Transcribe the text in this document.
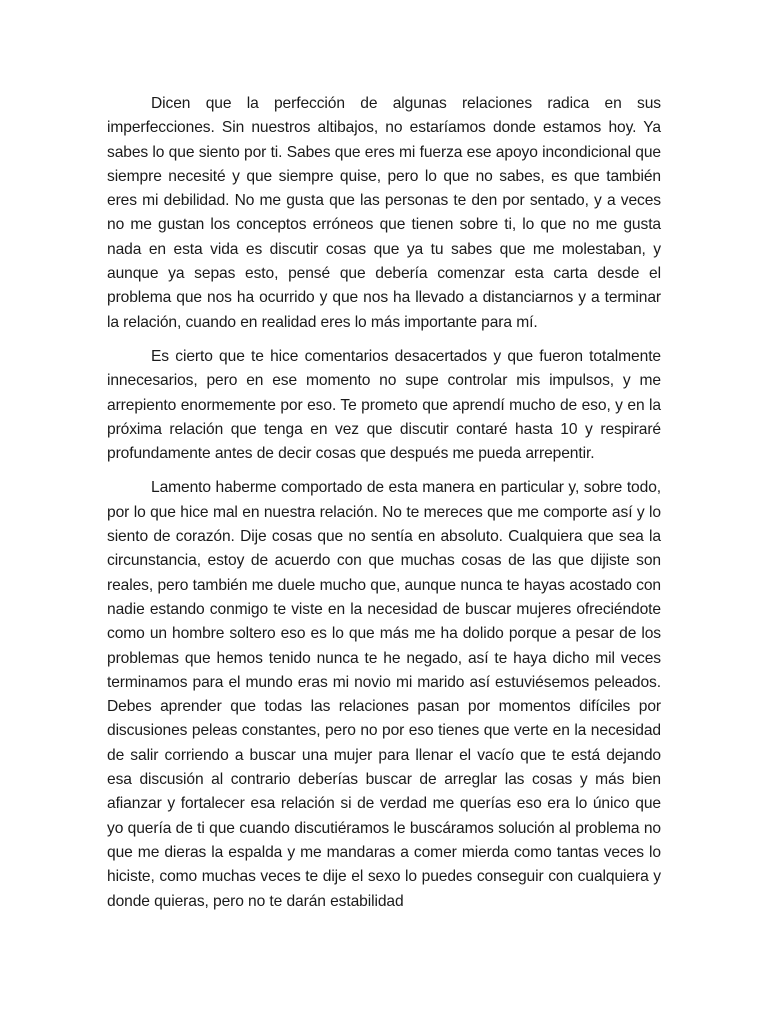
Dicen que la perfección de algunas relaciones radica en sus imperfecciones. Sin nuestros altibajos, no estaríamos donde estamos hoy. Ya sabes lo que siento por ti. Sabes que eres mi fuerza ese apoyo incondicional que siempre necesité y que siempre quise, pero lo que no sabes, es que también eres mi debilidad. No me gusta que las personas te den por sentado, y a veces no me gustan los conceptos erróneos que tienen sobre ti, lo que no me gusta nada en esta vida es discutir cosas que ya tu sabes que me molestaban, y aunque ya sepas esto, pensé que debería comenzar esta carta desde el problema que nos ha ocurrido y que nos ha llevado a distanciarnos y a terminar la relación, cuando en realidad eres lo más importante para mí.

Es cierto que te hice comentarios desacertados y que fueron totalmente innecesarios, pero en ese momento no supe controlar mis impulsos, y me arrepiento enormemente por eso. Te prometo que aprendí mucho de eso, y en la próxima relación que tenga en vez que discutir contaré hasta 10 y respiraré profundamente antes de decir cosas que después me pueda arrepentir.

Lamento haberme comportado de esta manera en particular y, sobre todo, por lo que hice mal en nuestra relación. No te mereces que me comporte así y lo siento de corazón. Dije cosas que no sentía en absoluto. Cualquiera que sea la circunstancia, estoy de acuerdo con que muchas cosas de las que dijiste son reales, pero también me duele mucho que, aunque nunca te hayas acostado con nadie estando conmigo te viste en la necesidad de buscar mujeres ofreciéndote como un hombre soltero eso es lo que más me ha dolido porque a pesar de los problemas que hemos tenido nunca te he negado, así te haya dicho mil veces terminamos para el mundo eras mi novio mi marido así estuviésemos peleados. Debes aprender que todas las relaciones pasan por momentos difíciles por discusiones peleas constantes, pero no por eso tienes que verte en la necesidad de salir corriendo a buscar una mujer para llenar el vacío que te está dejando esa discusión al contrario deberías buscar de arreglar las cosas y más bien afianzar y fortalecer esa relación si de verdad me querías eso era lo único que yo quería de ti que cuando discutiéramos le buscáramos solución al problema no que me dieras la espalda y me mandaras a comer mierda como tantas veces lo hiciste, como muchas veces te dije el sexo lo puedes conseguir con cualquiera y donde quieras, pero no te darán estabilidad
